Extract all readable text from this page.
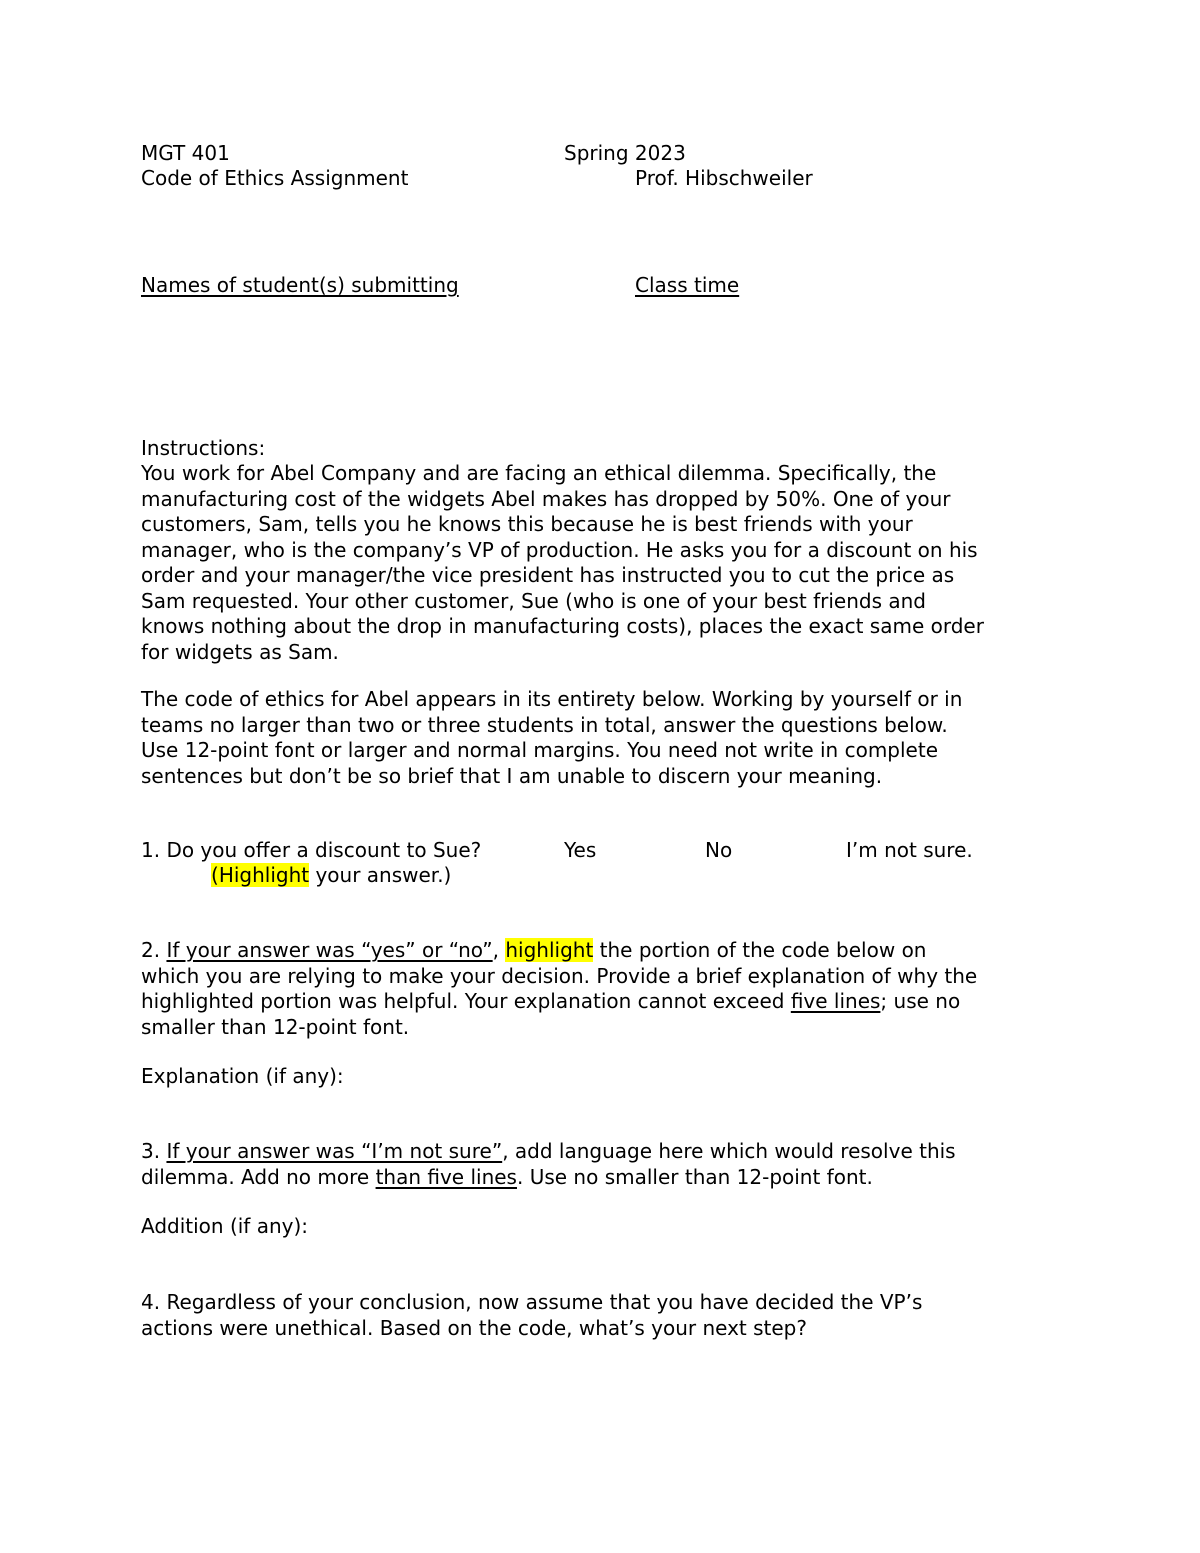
MGT 401	Spring 2023
Code of Ethics Assignment	Prof. Hibschweiler
Names of student(s) submitting	Class time
Instructions:
You work for Abel Company and are facing an ethical dilemma. Specifically, the
manufacturing cost of the widgets Abel makes has dropped by 50%. One of your
customers, Sam, tells you he knows this because he is best friends with your
manager, who is the company’s VP of production. He asks you for a discount on his
order and your manager/the vice president has instructed you to cut the price as
Sam requested. Your other customer, Sue (who is one of your best friends and
knows nothing about the drop in manufacturing costs), places the exact same order
for widgets as Sam.
The code of ethics for Abel appears in its entirety below. Working by yourself or in
teams no larger than two or three students in total, answer the questions below.
Use 12-point font or larger and normal margins. You need not write in complete
sentences but don’t be so brief that I am unable to discern your meaning.
1. Do you offer a discount to Sue?	Yes	No	I’m not sure.
(Highlight your answer.)
2. If your answer was “yes” or “no”, highlight the portion of the code below on
which you are relying to make your decision. Provide a brief explanation of why the
highlighted portion was helpful. Your explanation cannot exceed five lines; use no
smaller than 12-point font.
Explanation (if any):
3. If your answer was “I’m not sure”, add language here which would resolve this
dilemma. Add no more than five lines. Use no smaller than 12-point font.
Addition (if any):
4. Regardless of your conclusion, now assume that you have decided the VP’s
actions were unethical. Based on the code, what’s your next step?
